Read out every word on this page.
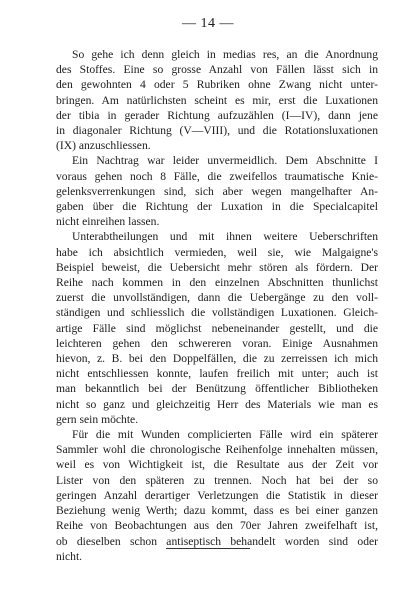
— 14 —

So gehe ich denn gleich in medias res, an die Anordnung

des Stoffes. Eine so grosse Anzahl von Fällen lässt sich in

den gewohnten 4 oder 5 Rubriken ohne Zwang nicht unter-

bringen. Am natürlichsten scheint es mir, erst die Luxationen

der tibia in gerader Richtung aufzuzählen (I—IV), dann jene

in diagonaler Richtung (V—VIII), und die Rotationsluxationen

(IX) anzuschliessen.

Ein Nachtrag war leider unvermeidlich. Dem Abschnitte I

voraus gehen noch 8 Fälle, die zweifellos traumatische Knie-

gelenksverrenkungen sind, sich aber wegen mangelhafter An-

gaben über die Richtung der Luxation in die Specialcapitel

nicht einreihen lassen.

Unterabtheilungen und mit ihnen weitere Ueberschriften

habe ich absichtlich vermieden, weil sie, wie Malgaigne's

Beispiel beweist, die Uebersicht mehr stören als fördern. Der

Reihe nach kommen in den einzelnen Abschnitten thunlichst

zuerst die unvollständigen, dann die Uebergänge zu den voll-

ständigen und schliesslich die vollständigen Luxationen. Gleich-

artige Fälle sind möglichst nebeneinander gestellt, und die

leichteren gehen den schwereren voran. Einige Ausnahmen

hievon, z. B. bei den Doppelfällen, die zu zerreissen ich mich

nicht entschliessen konnte, laufen freilich mit unter; auch ist

man bekanntlich bei der Benützung öffentlicher Bibliotheken

nicht so ganz und gleichzeitig Herr des Materials wie man es

gern sein möchte.

Für die mit Wunden complicierten Fälle wird ein späterer

Sammler wohl die chronologische Reihenfolge innehalten müssen,

weil es von Wichtigkeit ist, die Resultate aus der Zeit vor

Lister von den späteren zu trennen. Noch hat bei der so

geringen Anzahl derartiger Verletzungen die Statistik in dieser

Beziehung wenig Werth; dazu kommt, dass es bei einer ganzen

Reihe von Beobachtungen aus den 70er Jahren zweifelhaft ist,

ob dieselben schon antiseptisch behandelt worden sind oder

nicht.
